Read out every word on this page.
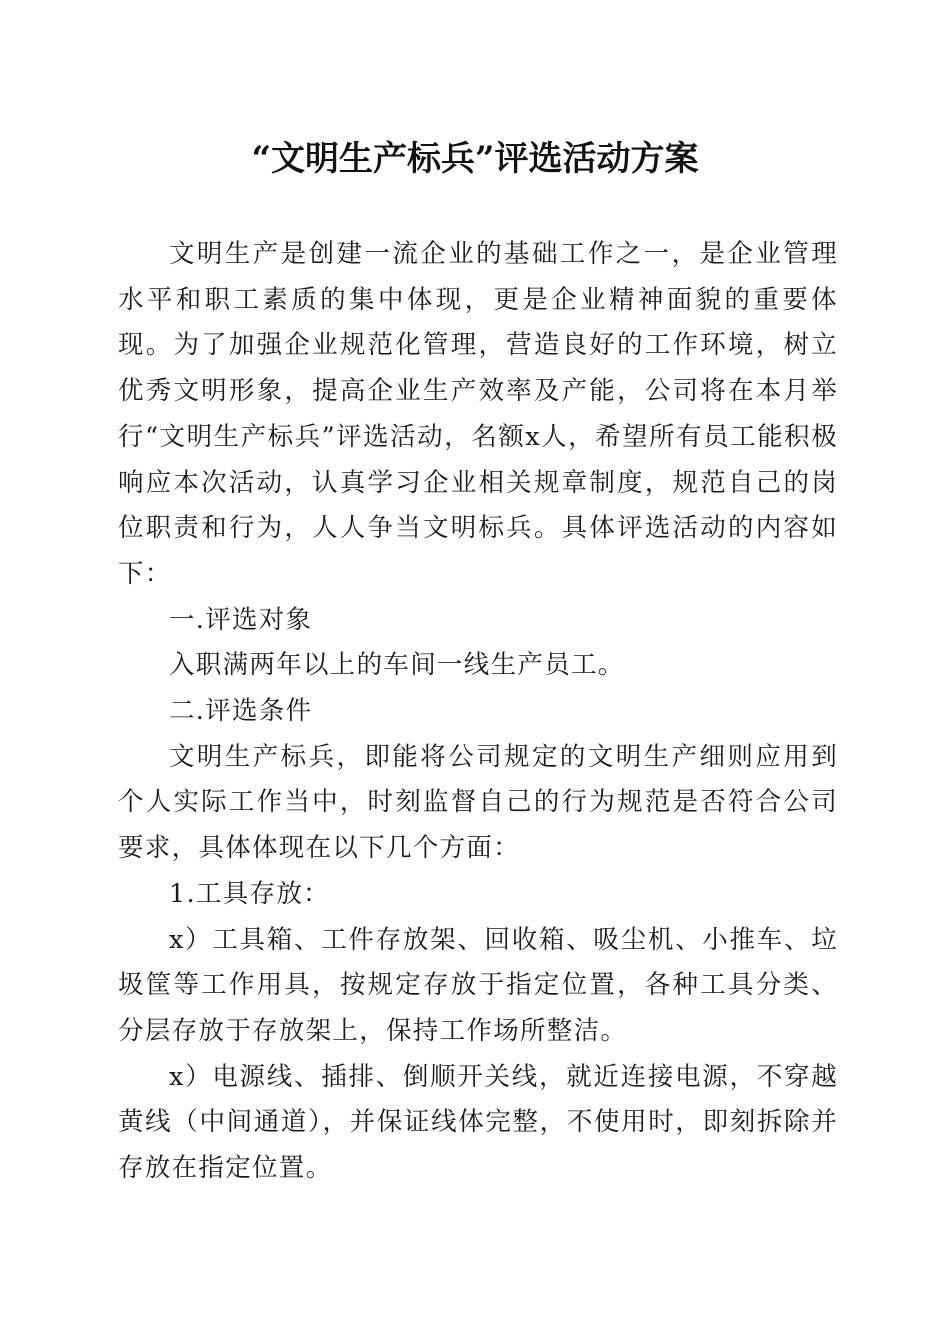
“文明生产标兵”评选活动方案

文明生产是创建一流企业的基础工作之一，是企业管理水平和职工素质的集中体现，更是企业精神面貌的重要体现。为了加强企业规范化管理，营造良好的工作环境，树立优秀文明形象，提高企业生产效率及产能，公司将在本月举行“文明生产标兵”评选活动，名额x人，希望所有员工能积极响应本次活动，认真学习企业相关规章制度，规范自己的岗位职责和行为，人人争当文明标兵。具体评选活动的内容如下：

一.评选对象

入职满两年以上的车间一线生产员工。

二.评选条件

文明生产标兵，即能将公司规定的文明生产细则应用到个人实际工作当中，时刻监督自己的行为规范是否符合公司要求，具体体现在以下几个方面：

1.工具存放：

x）工具箱、工件存放架、回收箱、吸尘机、小推车、垃圾筐等工作用具，按规定存放于指定位置，各种工具分类、分层存放于存放架上，保持工作场所整洁。

x）电源线、插排、倒顺开关线，就近连接电源，不穿越黄线（中间通道），并保证线体完整，不使用时，即刻拆除并存放在指定位置。
